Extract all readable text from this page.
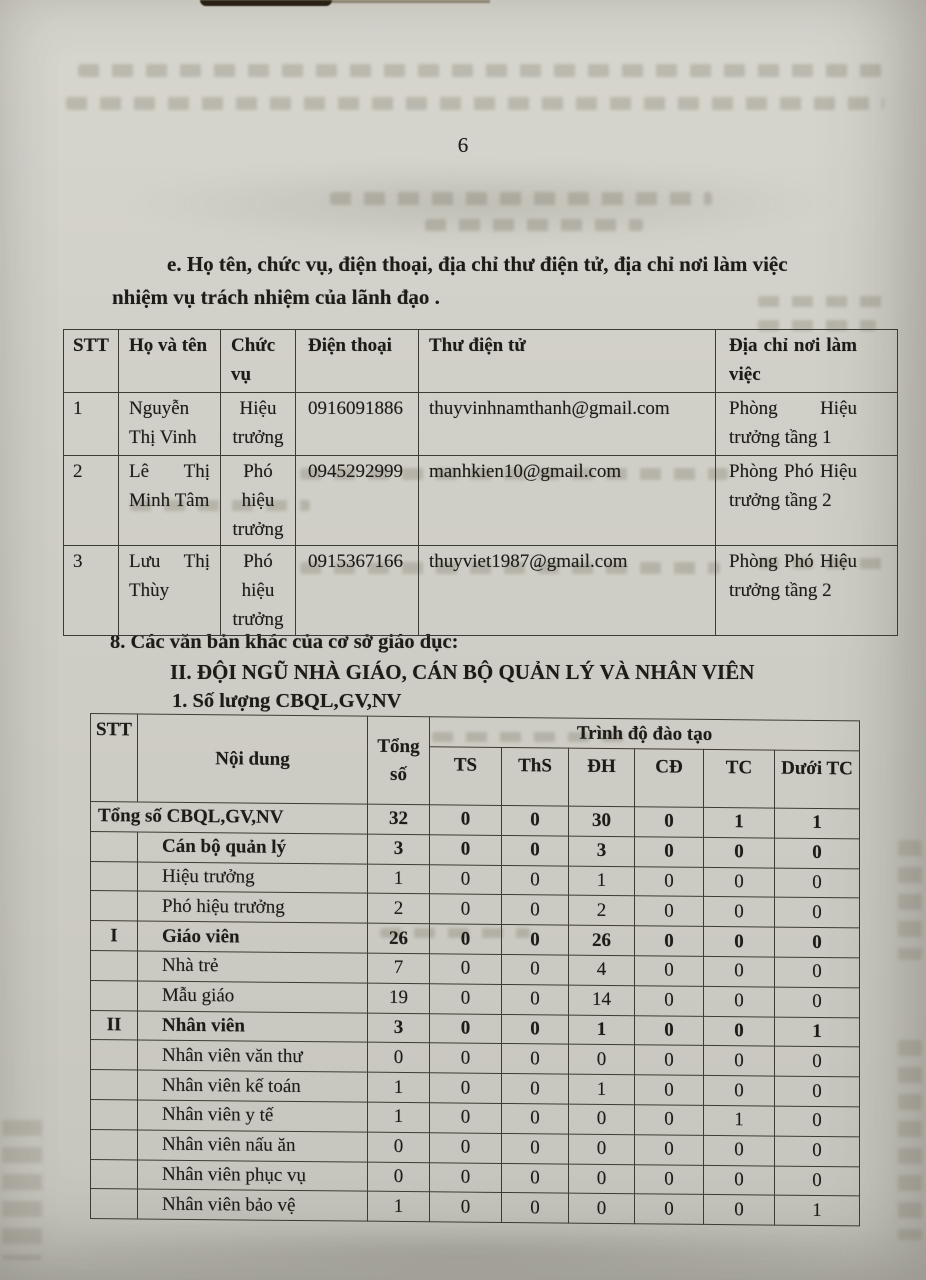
6
e. Họ tên, chức vụ, điện thoại, địa chỉ thư điện tử, địa chỉ nơi làm việc
nhiệm vụ trách nhiệm của lãnh đạo .
STT	Họ và tên	Chức vụ	Điện thoại	Thư điện tử	Địa chỉ nơi làm việc
1	Nguyễn Thị Vinh	Hiệu trưởng	0916091886	thuyvinhnamthanh@gmail.com	Phòng Hiệu trưởng tầng 1
2	Lê Thị Minh Tâm	Phó hiệu trưởng	0945292999	manhkien10@gmail.com	Phòng Phó Hiệu trưởng tầng 2
3	Lưu Thị Thùy	Phó hiệu trưởng	0915367166	thuyviet1987@gmail.com	Phòng Phó Hiệu trưởng tầng 2
8. Các văn bản khác của cơ sở giáo dục:
II. ĐỘI NGŨ NHÀ GIÁO, CÁN BỘ QUẢN LÝ VÀ NHÂN VIÊN
1. Số lượng CBQL,GV,NV
STT	Nội dung	Tổng số	Trình độ đào tạo					
			TS	ThS	ĐH	CĐ	TC	Dưới TC
Tổng số CBQL,GV,NV		32	0	0	30	0	1	1
	Cán bộ quản lý	3	0	0	3	0	0	0
	Hiệu trưởng	1	0	0	1	0	0	0
	Phó hiệu trưởng	2	0	0	2	0	0	0
I	Giáo viên	26	0	0	26	0	0	0
	Nhà trẻ	7	0	0	4	0	0	0
	Mẫu giáo	19	0	0	14	0	0	0
II	Nhân viên	3	0	0	1	0	0	1
	Nhân viên văn thư	0	0	0	0	0	0	0
	Nhân viên kế toán	1	0	0	1	0	0	0
	Nhân viên y tế	1	0	0	0	0	1	0
	Nhân viên nấu ăn	0	0	0	0	0	0	0
	Nhân viên phục vụ	0	0	0	0	0	0	0
	Nhân viên bảo vệ	1	0	0	0	0	0	1
